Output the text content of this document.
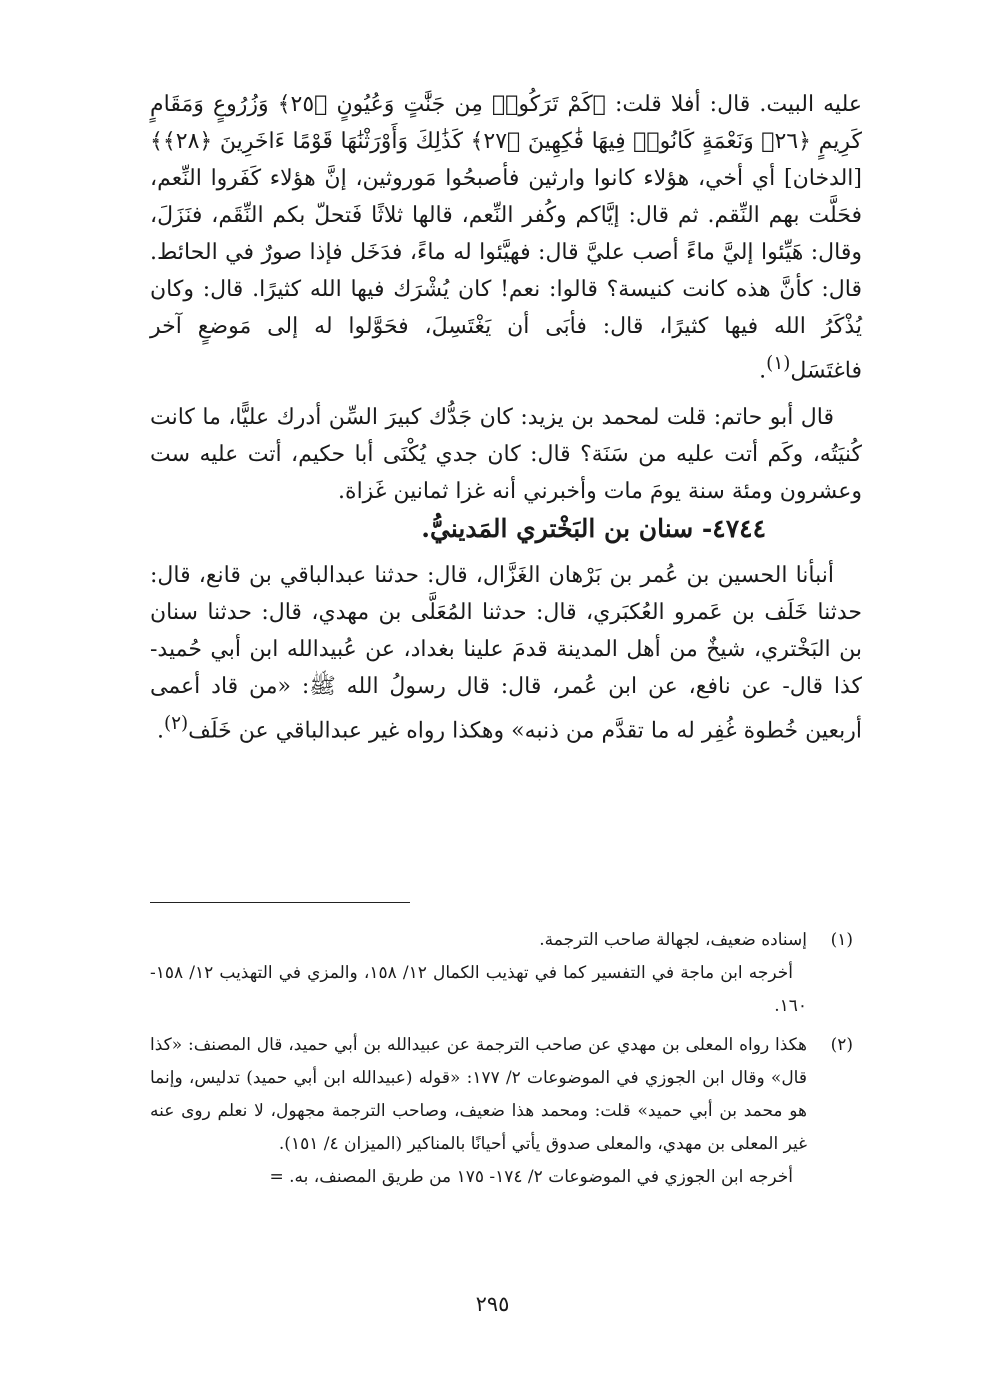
عليه البيت. قال: أفلا قلت: ﴿كَمْ تَرَكُوا۟ مِن جَنَّٰتٍ وَعُيُونٍ ﴿٢٥﴾ وَزُرُوعٍ وَمَقَامٍ كَرِيمٍ ﴿٢٦﴾ وَنَعْمَةٍ كَانُوا۟ فِيهَا فَٰكِهِينَ ﴿٢٧﴾ كَذَٰلِكَ وَأَوْرَثْنَٰهَا قَوْمًا ءَاخَرِينَ ﴿٢٨﴾﴾ [الدخان] أي أخي، هؤلاء كانوا وارثين فأصبحُوا مَوروثين، إنَّ هؤلاء كَفَروا النِّعم، فحَلَّت بهم النِّقم. ثم قال: إيَّاكم وكُفر النِّعم، قالها ثلاثًا فَتحلّ بكم النِّقَم، فنَزَلَ، وقال: هَيِّئوا إليَّ ماءً أصب عليَّ قال: فهيَّئوا له ماءً، فدَخَل فإذا صورٌ في الحائط. قال: كأنَّ هذه كانت كنيسة؟ قالوا: نعم! كان يُشْرَك فيها الله كثيرًا. قال: وكان يُذْكَرُ الله فيها كثيرًا، قال: فأبَى أن يَغْتَسِلَ، فحَوَّلوا له إلى مَوضعٍ آخر فاغتَسَل$^{(١)}$.

قال أبو حاتم: قلت لمحمد بن يزيد: كان جَدُّك كبيرَ السِّن أدرك عليًّا، ما كانت كُنيَتُه، وكَم أتت عليه من سَنَة؟ قال: كان جدي يُكْنَى أبا حكيم، أتت عليه ست وعشرون ومئة سنة يومَ مات وأخبرني أنه غزا ثمانين غَزاة.

٤٧٤٤- سنان بن البَخْتري المَدينيُّ.

أنبأنا الحسين بن عُمر بن بَرْهان الغَزَّال، قال: حدثنا عبدالباقي بن قانع، قال: حدثنا خَلَف بن عَمرو العُكبَري، قال: حدثنا المُعَلَّى بن مهدي، قال: حدثنا سنان بن البَخْتري، شيخٌ من أهل المدينة قدمَ علينا بغداد، عن عُبيدالله ابن أبي حُميد- كذا قال- عن نافع، عن ابن عُمر، قال: قال رسولُ الله ﷺ: «من قاد أعمى أربعين خُطوة غُفِر له ما تقدَّم من ذنبه» وهكذا رواه غير عبدالباقي عن خَلَف$^{(٢)}$.

(١)

إسناده ضعيف، لجهالة صاحب الترجمة.

أخرجه ابن ماجة في التفسير كما في تهذيب الكمال ١٢/ ١٥٨، والمزي في التهذيب ١٢/ ١٥٨- ١٦٠.

(٢)

هكذا رواه المعلى بن مهدي عن صاحب الترجمة عن عبيدالله بن أبي حميد، قال المصنف: «كذا قال» وقال ابن الجوزي في الموضوعات ٢/ ١٧٧: «قوله (عبيدالله ابن أبي حميد) تدليس، وإنما هو محمد بن أبي حميد» قلت: ومحمد هذا ضعيف، وصاحب الترجمة مجهول، لا نعلم روى عنه غير المعلى بن مهدي، والمعلى صدوق يأتي أحيانًا بالمناكير (الميزان ٤/ ١٥١).

أخرجه ابن الجوزي في الموضوعات ٢/ ١٧٤- ١٧٥ من طريق المصنف، به. =

٢٩٥
